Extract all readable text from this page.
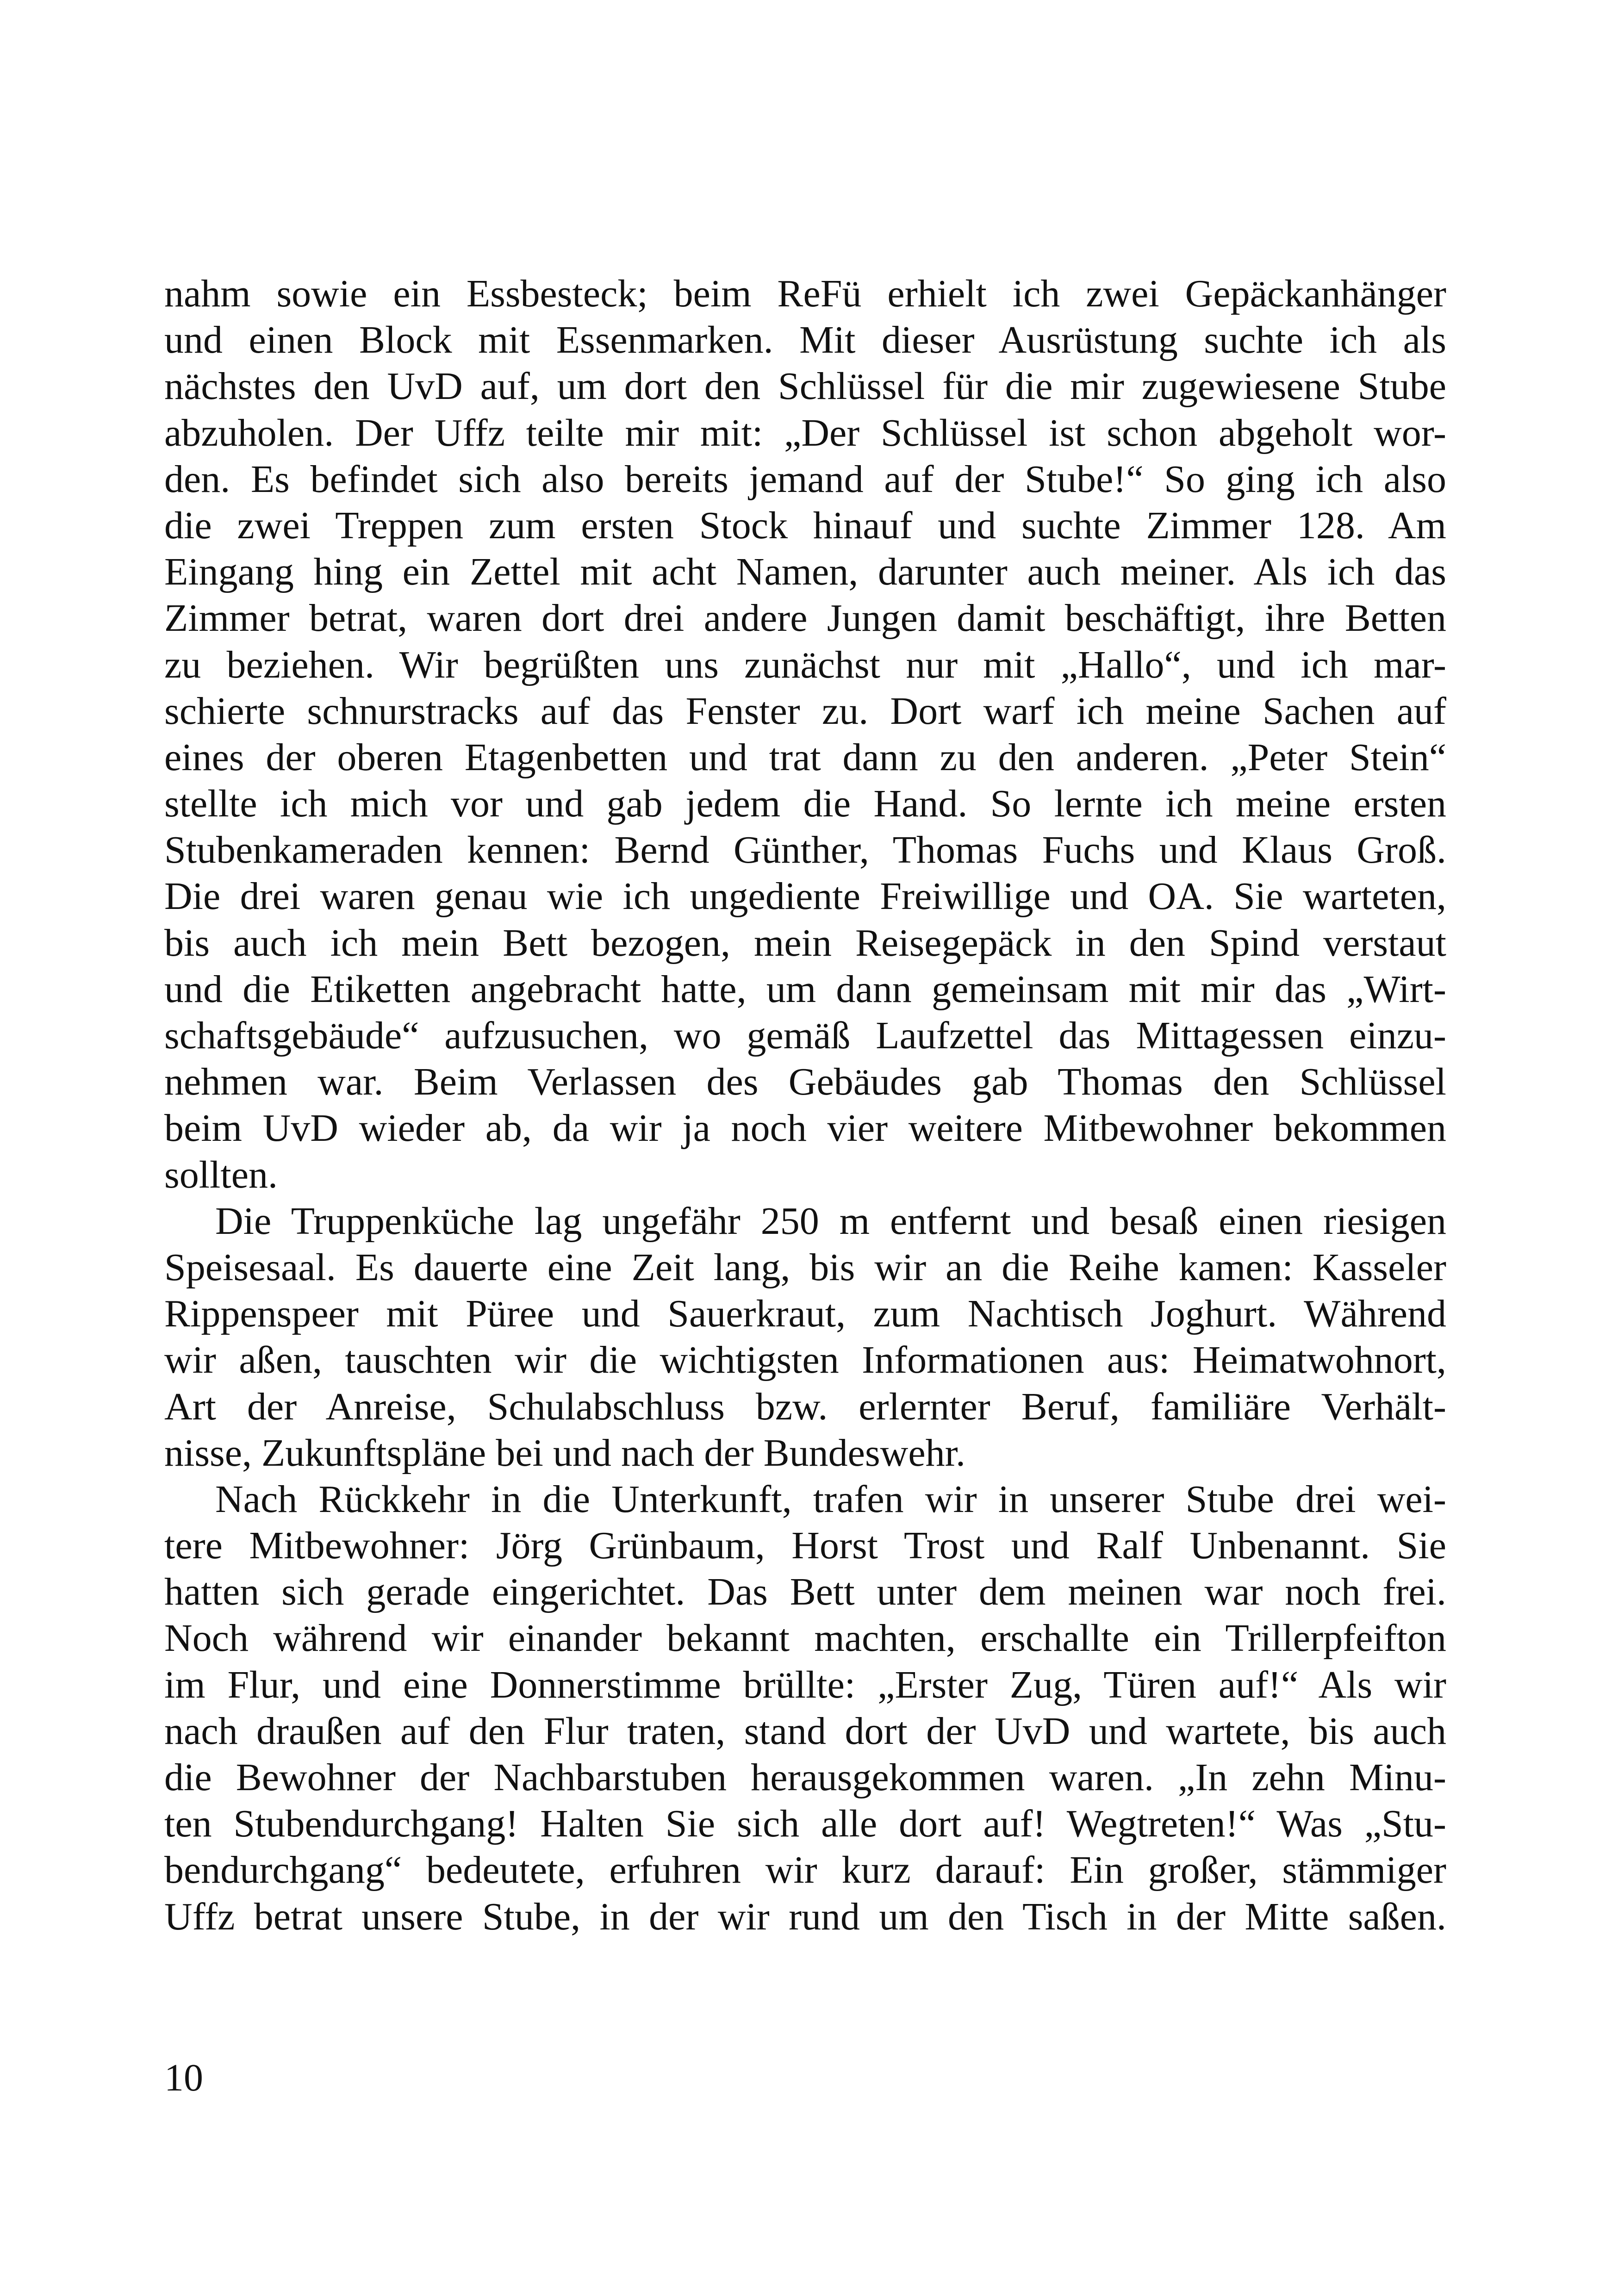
nahm sowie ein Essbesteck; beim ReFü erhielt ich zwei Gepäckanhänger
und einen Block mit Essenmarken. Mit dieser Ausrüstung suchte ich als
nächstes den UvD auf, um dort den Schlüssel für die mir zugewiesene Stube
abzuholen. Der Uffz teilte mir mit: „Der Schlüssel ist schon abgeholt wor-
den. Es befindet sich also bereits jemand auf der Stube!“ So ging ich also
die zwei Treppen zum ersten Stock hinauf und suchte Zimmer 128. Am
Eingang hing ein Zettel mit acht Namen, darunter auch meiner. Als ich das
Zimmer betrat, waren dort drei andere Jungen damit beschäftigt, ihre Betten
zu beziehen. Wir begrüßten uns zunächst nur mit „Hallo“, und ich mar-
schierte schnurstracks auf das Fenster zu. Dort warf ich meine Sachen auf
eines der oberen Etagenbetten und trat dann zu den anderen. „Peter Stein“
stellte ich mich vor und gab jedem die Hand. So lernte ich meine ersten
Stubenkameraden kennen: Bernd Günther, Thomas Fuchs und Klaus Groß.
Die drei waren genau wie ich ungediente Freiwillige und OA. Sie warteten,
bis auch ich mein Bett bezogen, mein Reisegepäck in den Spind verstaut
und die Etiketten angebracht hatte, um dann gemeinsam mit mir das „Wirt-
schaftsgebäude“ aufzusuchen, wo gemäß Laufzettel das Mittagessen einzu-
nehmen war. Beim Verlassen des Gebäudes gab Thomas den Schlüssel
beim UvD wieder ab, da wir ja noch vier weitere Mitbewohner bekommen
sollten.
Die Truppenküche lag ungefähr 250 m entfernt und besaß einen riesigen
Speisesaal. Es dauerte eine Zeit lang, bis wir an die Reihe kamen: Kasseler
Rippenspeer mit Püree und Sauerkraut, zum Nachtisch Joghurt. Während
wir aßen, tauschten wir die wichtigsten Informationen aus: Heimatwohnort,
Art der Anreise, Schulabschluss bzw. erlernter Beruf, familiäre Verhält-
nisse, Zukunftspläne bei und nach der Bundeswehr.
Nach Rückkehr in die Unterkunft, trafen wir in unserer Stube drei wei-
tere Mitbewohner: Jörg Grünbaum, Horst Trost und Ralf Unbenannt. Sie
hatten sich gerade eingerichtet. Das Bett unter dem meinen war noch frei.
Noch während wir einander bekannt machten, erschallte ein Trillerpfeifton
im Flur, und eine Donnerstimme brüllte: „Erster Zug, Türen auf!“ Als wir
nach draußen auf den Flur traten, stand dort der UvD und wartete, bis auch
die Bewohner der Nachbarstuben herausgekommen waren. „In zehn Minu-
ten Stubendurchgang! Halten Sie sich alle dort auf! Wegtreten!“ Was „Stu-
bendurchgang“ bedeutete, erfuhren wir kurz darauf: Ein großer, stämmiger
Uffz betrat unsere Stube, in der wir rund um den Tisch in der Mitte saßen.
10
